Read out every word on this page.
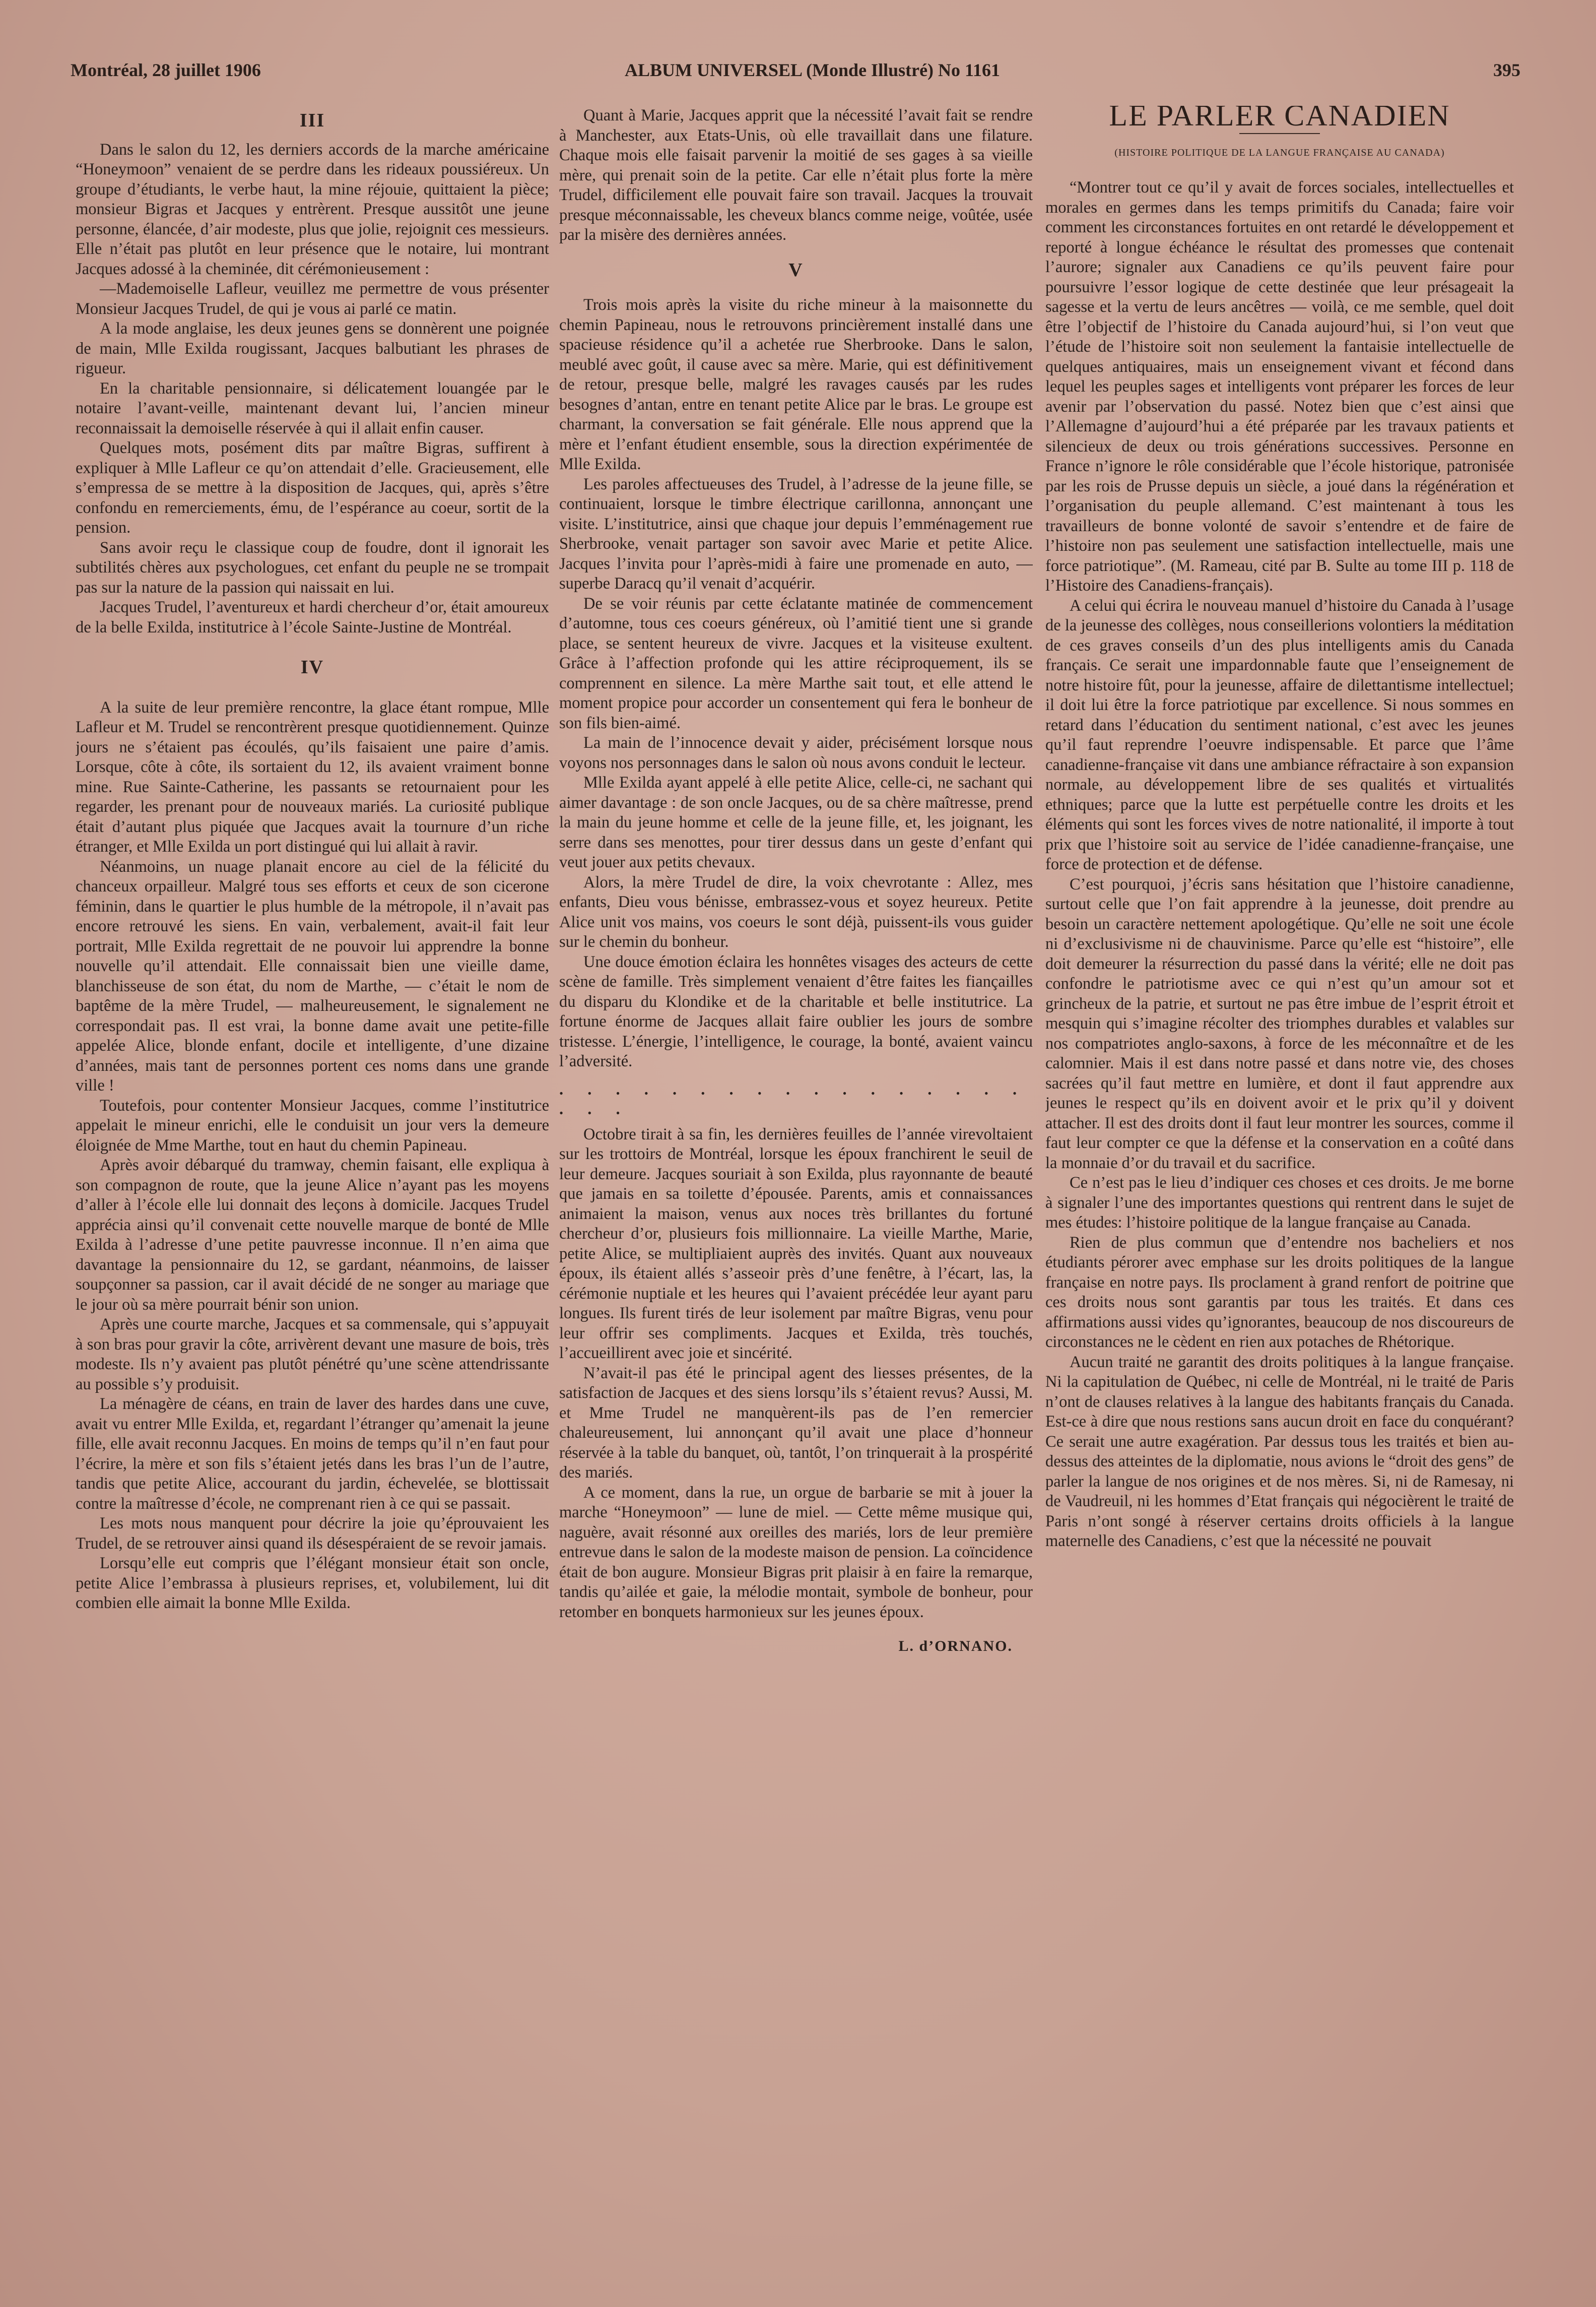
Montréal, 28 juillet 1906	ALBUM UNIVERSEL (Monde Illustré) No 1161	395
III

Dans le salon du 12, les derniers accords de la marche américaine “Honeymoon” venaient de se perdre dans les rideaux poussiéreux. Un groupe d’étudiants, le verbe haut, la mine réjouie, quittaient la pièce; monsieur Bigras et Jacques y entrèrent. Presque aussitôt une jeune personne, élancée, d’air modeste, plus que jolie, rejoignit ces messieurs. Elle n’était pas plutôt en leur présence que le notaire, lui montrant Jacques adossé à la cheminée, dit cérémonieusement :

—Mademoiselle Lafleur, veuillez me permettre de vous présenter Monsieur Jacques Trudel, de qui je vous ai parlé ce matin.

A la mode anglaise, les deux jeunes gens se donnèrent une poignée de main, Mlle Exilda rougissant, Jacques balbutiant les phrases de rigueur.

En la charitable pensionnaire, si délicatement louangée par le notaire l’avant-veille, maintenant devant lui, l’ancien mineur reconnaissait la demoiselle réservée à qui il allait enfin causer.

Quelques mots, posément dits par maître Bigras, suffirent à expliquer à Mlle Lafleur ce qu’on attendait d’elle. Gracieusement, elle s’empressa de se mettre à la disposition de Jacques, qui, après s’être confondu en remerciements, ému, de l’espérance au coeur, sortit de la pension.

Sans avoir reçu le classique coup de foudre, dont il ignorait les subtilités chères aux psychologues, cet enfant du peuple ne se trompait pas sur la nature de la passion qui naissait en lui.

Jacques Trudel, l’aventureux et hardi chercheur d’or, était amoureux de la belle Exilda, institutrice à l’école Sainte-Justine de Montréal.

IV

A la suite de leur première rencontre, la glace étant rompue, Mlle Lafleur et M. Trudel se rencontrèrent presque quotidiennement. Quinze jours ne s’étaient pas écoulés, qu’ils faisaient une paire d’amis. Lorsque, côte à côte, ils sortaient du 12, ils avaient vraiment bonne mine. Rue Sainte-Catherine, les passants se retournaient pour les regarder, les prenant pour de nouveaux mariés. La curiosité publique était d’autant plus piquée que Jacques avait la tournure d’un riche étranger, et Mlle Exilda un port distingué qui lui allait à ravir.

Néanmoins, un nuage planait encore au ciel de la félicité du chanceux orpailleur. Malgré tous ses efforts et ceux de son cicerone féminin, dans le quartier le plus humble de la métropole, il n’avait pas encore retrouvé les siens. En vain, verbalement, avait-il fait leur portrait, Mlle Exilda regrettait de ne pouvoir lui apprendre la bonne nouvelle qu’il attendait. Elle connaissait bien une vieille dame, blanchisseuse de son état, du nom de Marthe, — c’était le nom de baptême de la mère Trudel, — malheureusement, le signalement ne correspondait pas. Il est vrai, la bonne dame avait une petite-fille appelée Alice, blonde enfant, docile et intelligente, d’une dizaine d’années, mais tant de personnes portent ces noms dans une grande ville !

Toutefois, pour contenter Monsieur Jacques, comme l’institutrice appelait le mineur enrichi, elle le conduisit un jour vers la demeure éloignée de Mme Marthe, tout en haut du chemin Papineau.

Après avoir débarqué du tramway, chemin faisant, elle expliqua à son compagnon de route, que la jeune Alice n’ayant pas les moyens d’aller à l’école elle lui donnait des leçons à domicile. Jacques Trudel apprécia ainsi qu’il convenait cette nouvelle marque de bonté de Mlle Exilda à l’adresse d’une petite pauvresse inconnue. Il n’en aima que davantage la pensionnaire du 12, se gardant, néanmoins, de laisser soupçonner sa passion, car il avait décidé de ne songer au mariage que le jour où sa mère pourrait bénir son union.

Après une courte marche, Jacques et sa commensale, qui s’appuyait à son bras pour gravir la côte, arrivèrent devant une masure de bois, très modeste. Ils n’y avaient pas plutôt pénétré qu’une scène attendrissante au possible s’y produisit.

La ménagère de céans, en train de laver des hardes dans une cuve, avait vu entrer Mlle Exilda, et, regardant l’étranger qu’amenait la jeune fille, elle avait reconnu Jacques. En moins de temps qu’il n’en faut pour l’écrire, la mère et son fils s’étaient jetés dans les bras l’un de l’autre, tandis que petite Alice, accourant du jardin, échevelée, se blottissait contre la maîtresse d’école, ne comprenant rien à ce qui se passait.

Les mots nous manquent pour décrire la joie qu’éprouvaient les Trudel, de se retrouver ainsi quand ils désespéraient de se revoir jamais.

Lorsqu’elle eut compris que l’élégant monsieur était son oncle, petite Alice l’embrassa à plusieurs reprises, et, volubilement, lui dit combien elle aimait la bonne Mlle Exilda.

Quant à Marie, Jacques apprit que la nécessité l’avait fait se rendre à Manchester, aux Etats-Unis, où elle travaillait dans une filature. Chaque mois elle faisait parvenir la moitié de ses gages à sa vieille mère, qui prenait soin de la petite. Car elle n’était plus forte la mère Trudel, difficilement elle pouvait faire son travail. Jacques la trouvait presque méconnaissable, les cheveux blancs comme neige, voûtée, usée par la misère des dernières années.

V

Trois mois après la visite du riche mineur à la maisonnette du chemin Papineau, nous le retrouvons princièrement installé dans une spacieuse résidence qu’il a achetée rue Sherbrooke. Dans le salon, meublé avec goût, il cause avec sa mère. Marie, qui est définitivement de retour, presque belle, malgré les ravages causés par les rudes besognes d’antan, entre en tenant petite Alice par le bras. Le groupe est charmant, la conversation se fait générale. Elle nous apprend que la mère et l’enfant étudient ensemble, sous la direction expérimentée de Mlle Exilda.

Les paroles affectueuses des Trudel, à l’adresse de la jeune fille, se continuaient, lorsque le timbre électrique carillonna, annonçant une visite. L’institutrice, ainsi que chaque jour depuis l’emménagement rue Sherbrooke, venait partager son savoir avec Marie et petite Alice. Jacques l’invita pour l’après-midi à faire une promenade en auto, — superbe Daracq qu’il venait d’acquérir.

De se voir réunis par cette éclatante matinée de commencement d’automne, tous ces coeurs généreux, où l’amitié tient une si grande place, se sentent heureux de vivre. Jacques et la visiteuse exultent. Grâce à l’affection profonde qui les attire réciproquement, ils se comprennent en silence. La mère Marthe sait tout, et elle attend le moment propice pour accorder un consentement qui fera le bonheur de son fils bien-aimé.

La main de l’innocence devait y aider, précisément lorsque nous voyons nos personnages dans le salon où nous avons conduit le lecteur.

Mlle Exilda ayant appelé à elle petite Alice, celle-ci, ne sachant qui aimer davantage : de son oncle Jacques, ou de sa chère maîtresse, prend la main du jeune homme et celle de la jeune fille, et, les joignant, les serre dans ses menottes, pour tirer dessus dans un geste d’enfant qui veut jouer aux petits chevaux.

Alors, la mère Trudel de dire, la voix chevrotante : Allez, mes enfants, Dieu vous bénisse, embrassez-vous et soyez heureux. Petite Alice unit vos mains, vos coeurs le sont déjà, puissent-ils vous guider sur le chemin du bonheur.

Une douce émotion éclaira les honnêtes visages des acteurs de cette scène de famille. Très simplement venaient d’être faites les fiançailles du disparu du Klondike et de la charitable et belle institutrice. La fortune énorme de Jacques allait faire oublier les jours de sombre tristesse. L’énergie, l’intelligence, le courage, la bonté, avaient vaincu l’adversité.

. . . . . . . . . . . . . . . . . . . .

Octobre tirait à sa fin, les dernières feuilles de l’année virevoltaient sur les trottoirs de Montréal, lorsque les époux franchirent le seuil de leur demeure. Jacques souriait à son Exilda, plus rayonnante de beauté que jamais en sa toilette d’épousée. Parents, amis et connaissances animaient la maison, venus aux noces très brillantes du fortuné chercheur d’or, plusieurs fois millionnaire. La vieille Marthe, Marie, petite Alice, se multipliaient auprès des invités. Quant aux nouveaux époux, ils étaient allés s’asseoir près d’une fenêtre, à l’écart, las, la cérémonie nuptiale et les heures qui l’avaient précédée leur ayant paru longues. Ils furent tirés de leur isolement par maître Bigras, venu pour leur offrir ses compliments. Jacques et Exilda, très touchés, l’accueillirent avec joie et sincérité.

N’avait-il pas été le principal agent des liesses présentes, de la satisfaction de Jacques et des siens lorsqu’ils s’étaient revus? Aussi, M. et Mme Trudel ne manquèrent-ils pas de l’en remercier chaleureusement, lui annonçant qu’il avait une place d’honneur réservée à la table du banquet, où, tantôt, l’on trinquerait à la prospérité des mariés.

A ce moment, dans la rue, un orgue de barbarie se mit à jouer la marche “Honeymoon” — lune de miel. — Cette même musique qui, naguère, avait résonné aux oreilles des mariés, lors de leur première entrevue dans le salon de la modeste maison de pension. La coïncidence était de bon augure. Monsieur Bigras prit plaisir à en faire la remarque, tandis qu’ailée et gaie, la mélodie montait, symbole de bonheur, pour retomber en bonquets harmonieux sur les jeunes époux.

L. d’ORNANO.
LE PARLER CANADIEN
(HISTOIRE POLITIQUE DE LA LANGUE FRANÇAISE AU CANADA)

“Montrer tout ce qu’il y avait de forces sociales, intellectuelles et morales en germes dans les temps primitifs du Canada; faire voir comment les circonstances fortuites en ont retardé le développement et reporté à longue échéance le résultat des promesses que contenait l’aurore; signaler aux Canadiens ce qu’ils peuvent faire pour poursuivre l’essor logique de cette destinée que leur présageait la sagesse et la vertu de leurs ancêtres — voilà, ce me semble, quel doit être l’objectif de l’histoire du Canada aujourd’hui, si l’on veut que l’étude de l’histoire soit non seulement la fantaisie intellectuelle de quelques antiquaires, mais un enseignement vivant et fécond dans lequel les peuples sages et intelligents vont préparer les forces de leur avenir par l’observation du passé. Notez bien que c’est ainsi que l’Allemagne d’aujourd’hui a été préparée par les travaux patients et silencieux de deux ou trois générations successives. Personne en France n’ignore le rôle considérable que l’école historique, patronisée par les rois de Prusse depuis un siècle, a joué dans la régénération et l’organisation du peuple allemand. C’est maintenant à tous les travailleurs de bonne volonté de savoir s’entendre et de faire de l’histoire non pas seulement une satisfaction intellectuelle, mais une force patriotique”. (M. Rameau, cité par B. Sulte au tome III p. 118 de l’Histoire des Canadiens-français).

A celui qui écrira le nouveau manuel d’histoire du Canada à l’usage de la jeunesse des collèges, nous conseillerions volontiers la méditation de ces graves conseils d’un des plus intelligents amis du Canada français. Ce serait une impardonnable faute que l’enseignement de notre histoire fût, pour la jeunesse, affaire de dilettantisme intellectuel; il doit lui être la force patriotique par excellence. Si nous sommes en retard dans l’éducation du sentiment national, c’est avec les jeunes qu’il faut reprendre l’oeuvre indispensable. Et parce que l’âme canadienne-française vit dans une ambiance réfractaire à son expansion normale, au développement libre de ses qualités et virtualités ethniques; parce que la lutte est perpétuelle contre les droits et les éléments qui sont les forces vives de notre nationalité, il importe à tout prix que l’histoire soit au service de l’idée canadienne-française, une force de protection et de défense.

C’est pourquoi, j’écris sans hésitation que l’histoire canadienne, surtout celle que l’on fait apprendre à la jeunesse, doit prendre au besoin un caractère nettement apologétique. Qu’elle ne soit une école ni d’exclusivisme ni de chauvinisme. Parce qu’elle est “histoire”, elle doit demeurer la résurrection du passé dans la vérité; elle ne doit pas confondre le patriotisme avec ce qui n’est qu’un amour sot et grincheux de la patrie, et surtout ne pas être imbue de l’esprit étroit et mesquin qui s’imagine récolter des triomphes durables et valables sur nos compatriotes anglo-saxons, à force de les méconnaître et de les calomnier. Mais il est dans notre passé et dans notre vie, des choses sacrées qu’il faut mettre en lumière, et dont il faut apprendre aux jeunes le respect qu’ils en doivent avoir et le prix qu’il y doivent attacher. Il est des droits dont il faut leur montrer les sources, comme il faut leur compter ce que la défense et la conservation en a coûté dans la monnaie d’or du travail et du sacrifice.

Ce n’est pas le lieu d’indiquer ces choses et ces droits. Je me borne à signaler l’une des importantes questions qui rentrent dans le sujet de mes études: l’histoire politique de la langue française au Canada.

Rien de plus commun que d’entendre nos bacheliers et nos étudiants pérorer avec emphase sur les droits politiques de la langue française en notre pays. Ils proclament à grand renfort de poitrine que ces droits nous sont garantis par tous les traités. Et dans ces affirmations aussi vides qu’ignorantes, beaucoup de nos discoureurs de circonstances ne le cèdent en rien aux potaches de Rhétorique.

Aucun traité ne garantit des droits politiques à la langue française. Ni la capitulation de Québec, ni celle de Montréal, ni le traité de Paris n’ont de clauses relatives à la langue des habitants français du Canada. Est-ce à dire que nous restions sans aucun droit en face du conquérant? Ce serait une autre exagération. Par dessus tous les traités et bien au-dessus des atteintes de la diplomatie, nous avions le “droit des gens” de parler la langue de nos origines et de nos mères. Si, ni de Ramesay, ni de Vaudreuil, ni les hommes d’Etat français qui négocièrent le traité de Paris n’ont songé à réserver certains droits officiels à la langue maternelle des Canadiens, c’est que la nécessité ne pouvait
